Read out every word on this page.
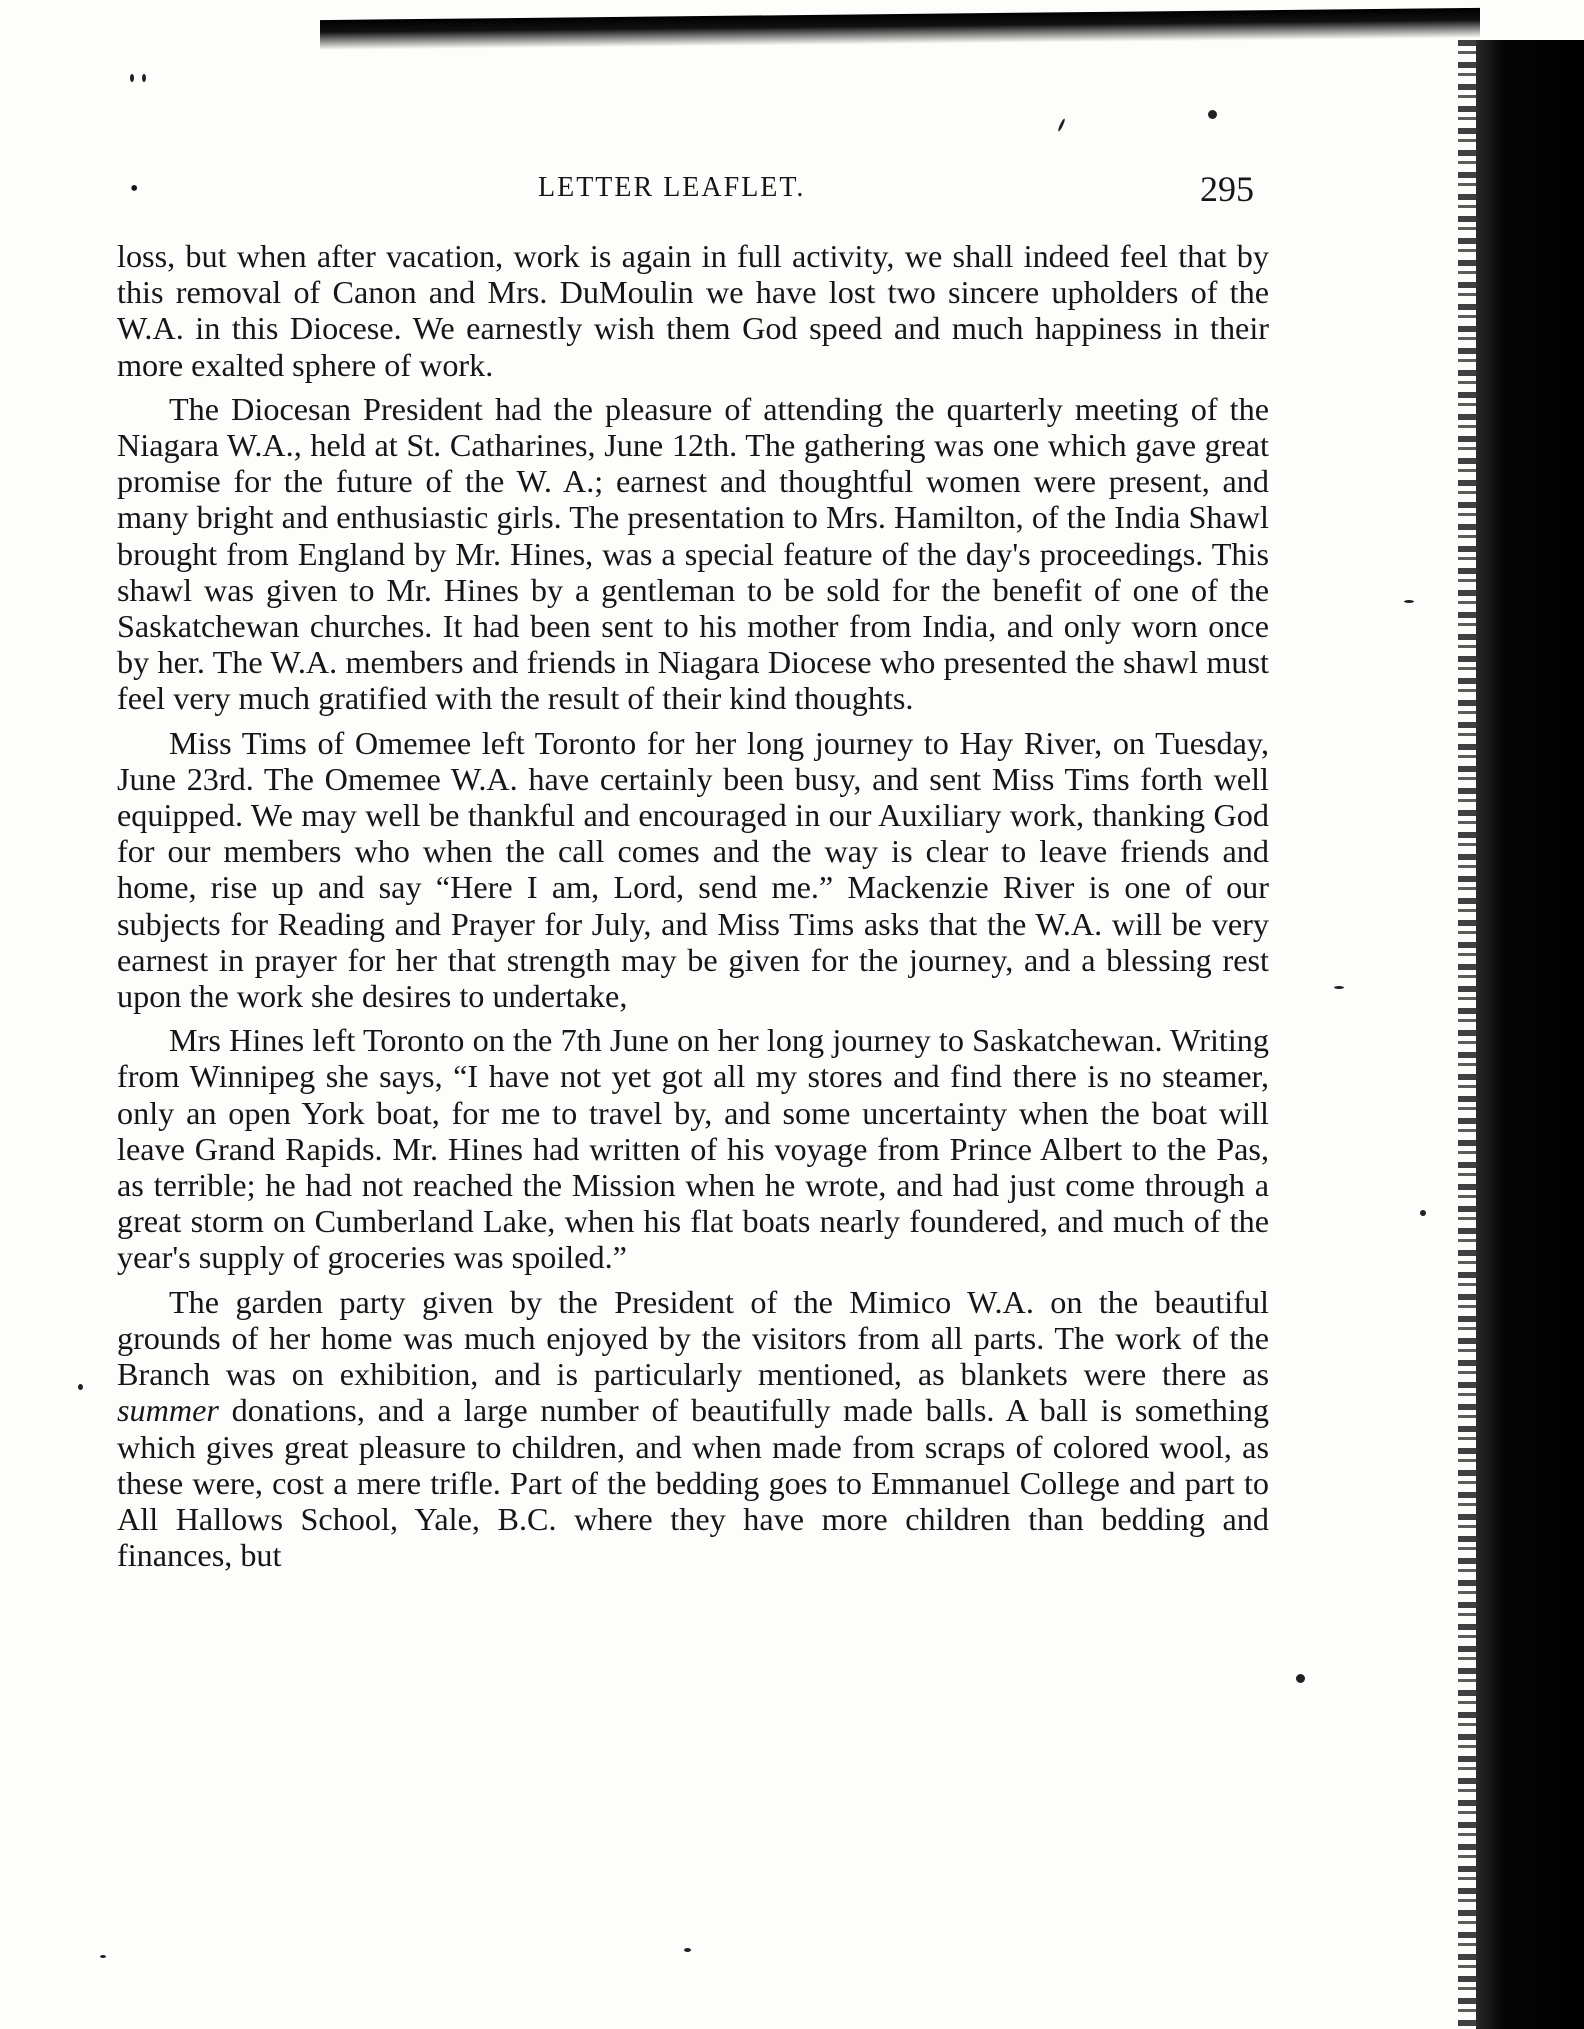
•	LETTER LEAFLET.	295

loss, but when after vacation, work is again in full activity, we shall indeed feel that by this removal of Canon and Mrs. DuMoulin we have lost two sincere upholders of the W.A. in this Diocese. We earnestly wish them God speed and much happiness in their more exalted sphere of work.

The Diocesan President had the pleasure of attending the quarterly meeting of the Niagara W.A., held at St. Catharines, June 12th. The gathering was one which gave great promise for the future of the W. A.; earnest and thoughtful women were present, and many bright and enthusiastic girls. The presentation to Mrs. Hamilton, of the India Shawl brought from England by Mr. Hines, was a special feature of the day's proceedings. This shawl was given to Mr. Hines by a gentleman to be sold for the benefit of one of the Saskatchewan churches. It had been sent to his mother from India, and only worn once by her. The W.A. members and friends in Niagara Diocese who presented the shawl must feel very much gratified with the result of their kind thoughts.

Miss Tims of Omemee left Toronto for her long journey to Hay River, on Tuesday, June 23rd. The Omemee W.A. have certainly been busy, and sent Miss Tims forth well equipped. We may well be thankful and encouraged in our Auxiliary work, thanking God for our members who when the call comes and the way is clear to leave friends and home, rise up and say “Here I am, Lord, send me.” Mackenzie River is one of our subjects for Reading and Prayer for July, and Miss Tims asks that the W.A. will be very earnest in prayer for her that strength may be given for the journey, and a blessing rest upon the work she desires to undertake,

Mrs Hines left Toronto on the 7th June on her long journey to Saskatchewan. Writing from Winnipeg she says, “I have not yet got all my stores and find there is no steamer, only an open York boat, for me to travel by, and some uncertainty when the boat will leave Grand Rapids. Mr. Hines had written of his voyage from Prince Albert to the Pas, as terrible; he had not reached the Mission when he wrote, and had just come through a great storm on Cumberland Lake, when his flat boats nearly foundered, and much of the year's supply of groceries was spoiled.”

The garden party given by the President of the Mimico W.A. on the beautiful grounds of her home was much enjoyed by the visitors from all parts. The work of the Branch was on exhibition, and is particularly mentioned, as blankets were there as summer donations, and a large number of beautifully made balls. A ball is something which gives great pleasure to children, and when made from scraps of colored wool, as these were, cost a mere trifle. Part of the bedding goes to Emmanuel College and part to All Hallows School, Yale, B.C. where they have more children than bedding and finances, but
